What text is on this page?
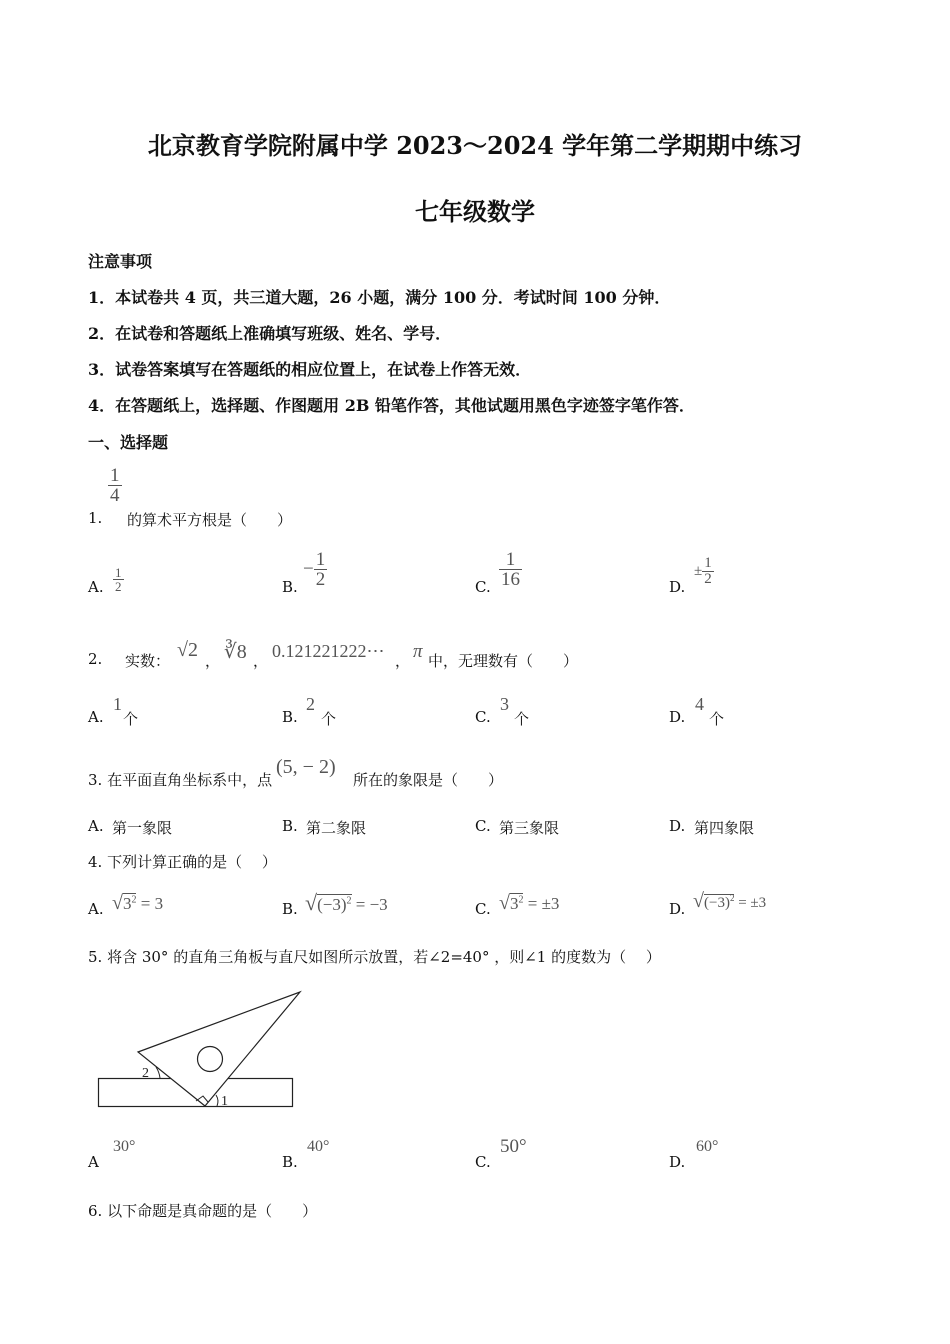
北京教育学院附属中学 2023～2024 学年第二学期期中练习
七年级数学
注意事项
1．本试卷共 4 页，共三道大题，26 小题，满分 100 分．考试时间 100 分钟．
2．在试卷和答题纸上准确填写班级、姓名、学号．
3．试卷答案填写在答题纸的相应位置上，在试卷上作答无效．
4．在答题纸上，选择题、作图题用 2B 铅笔作答，其他试题用黑色字迹签字笔作答．
一、选择题
1.
$\frac{1}{4}$
的算术平方根是（　　）
A. $\frac{1}{2}$	B.
− $\frac{1}{2}$	C. $\frac{1}{16}$	D.
± $\frac{1}{2}$
2. 实数： √2 ， ∛8 ， 0.121221222⋯ ， π 中，无理数有（　　）
A.
1
个	B.
2
个	C.
3
个	D.
4
个
3. 在平面直角坐标系中，点
(5, − 2)
所在的象限是（　　）
A. 第一象限	B. 第二象限	C. 第三象限	D. 第四象限
4. 下列计算正确的是（　 ）
A. $√3^2 = 3$	B. $√(-3)^2 = -3$	C. $√3^2 = \pm 3$	D. $√(-3)^2 = \pm 3$
5. 将含 30° 的直角三角板与直尺如图所示放置，若∠2=40° ，则∠1 的度数为（　 ）
2
1
A
30°
B.
40°
C.
50°
D.
60°
6. 以下命题是真命题的是（　　）
